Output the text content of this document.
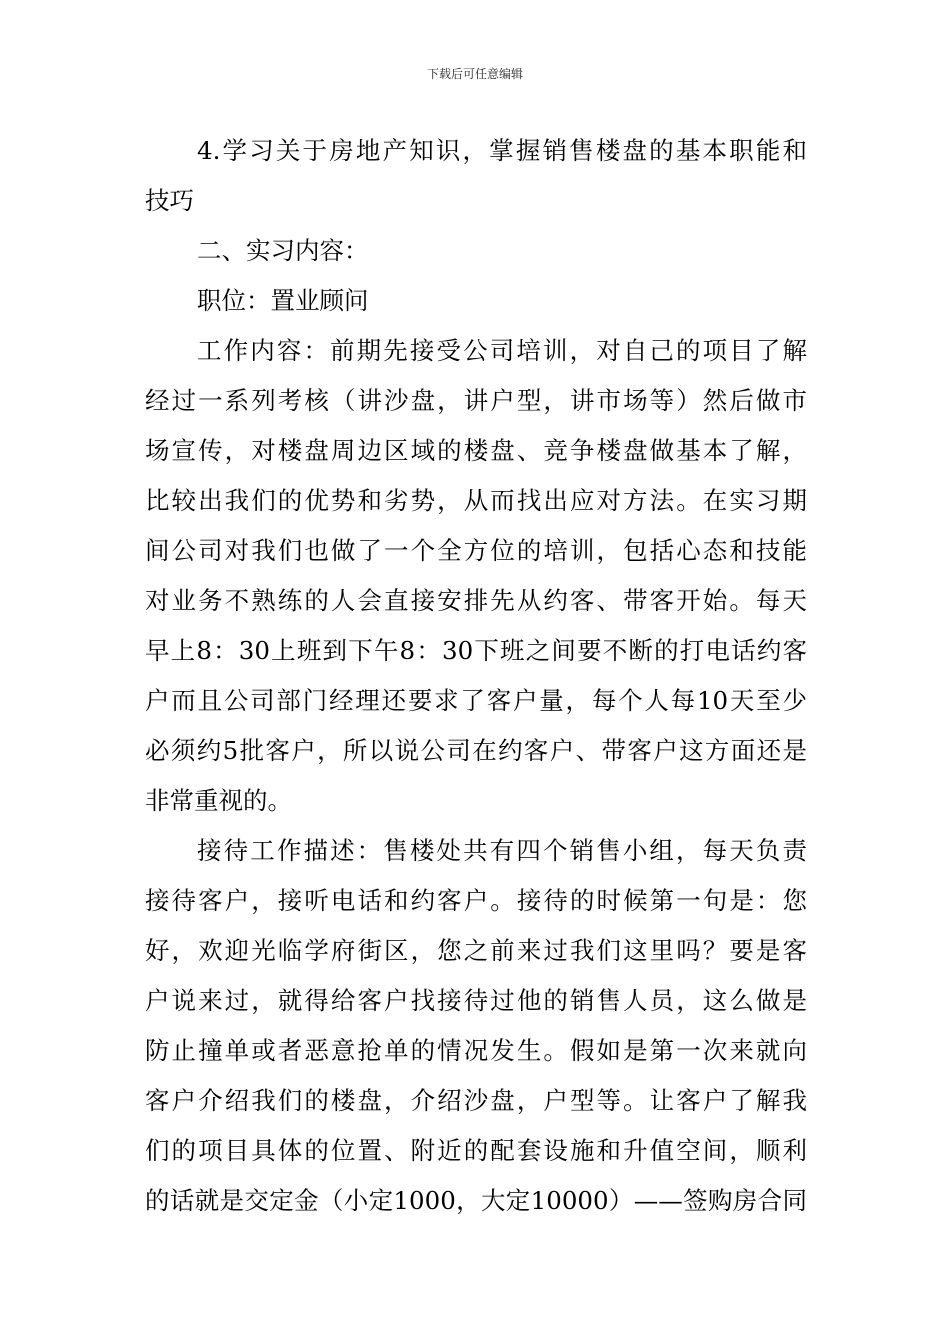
下载后可任意编辑
4.学习关于房地产知识，掌握销售楼盘的基本职能和
技巧
二、实习内容：
职位：置业顾问
工作内容：前期先接受公司培训，对自己的项目了解
经过一系列考核（讲沙盘，讲户型，讲市场等）然后做市
场宣传，对楼盘周边区域的楼盘、竞争楼盘做基本了解，
比较出我们的优势和劣势，从而找出应对方法。在实习期
间公司对我们也做了一个全方位的培训，包括心态和技能
对业务不熟练的人会直接安排先从约客、带客开始。每天
早上8：30上班到下午8：30下班之间要不断的打电话约客
户而且公司部门经理还要求了客户量，每个人每10天至少
必须约5批客户，所以说公司在约客户、带客户这方面还是
非常重视的。
接待工作描述：售楼处共有四个销售小组，每天负责
接待客户，接听电话和约客户。接待的时候第一句是：您
好，欢迎光临学府街区，您之前来过我们这里吗？要是客
户说来过，就得给客户找接待过他的销售人员，这么做是
防止撞单或者恶意抢单的情况发生。假如是第一次来就向
客户介绍我们的楼盘，介绍沙盘，户型等。让客户了解我
们的项目具体的位置、附近的配套设施和升值空间，顺利
的话就是交定金（小定1000，大定10000）——签购房合同
